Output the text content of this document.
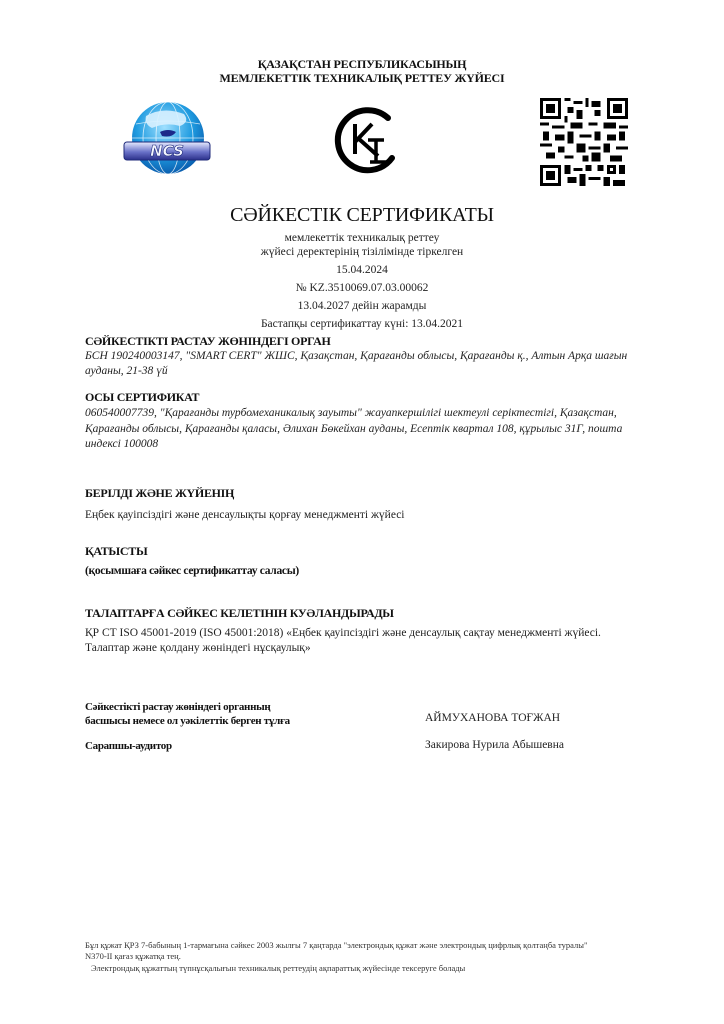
ҚАЗАҚСТАН РЕСПУБЛИКАСЫНЫҢ
МЕМЛЕКЕТТІК ТЕХНИКАЛЫҚ РЕТТЕУ ЖҮЙЕСІ
NCS
СӘЙКЕСТІК СЕРТИФИКАТЫ
мемлекеттік техникалық реттеу
жүйесі деректерінің тізілімінде тіркелген
15.04.2024
№ KZ.3510069.07.03.00062
13.04.2027 дейін жарамды
Бастапқы сертификаттау күні: 13.04.2021
СӘЙКЕСТІКТІ РАСТАУ ЖӨНІНДЕГІ ОРГАН
БСН 190240003147, "SMART CERT" ЖШС, Қазақстан, Қарағанды облысы, Қарағанды қ., Алтын Арқа шағын
ауданы, 21-38 үй
ОСЫ СЕРТИФИКАТ
060540007739, "Қарағанды турбомеханикалық зауыты" жауапкершілігі шектеулі серіктестігі, Қазақстан,
Қарағанды облысы, Қарағанды қаласы, Әлихан Бөкейхан ауданы, Есептік квартал 108, құрылыс 31Г, пошта
индексі 100008
БЕРІЛДІ ЖӘНЕ ЖҮЙЕНІҢ
Еңбек қауіпсіздігі және денсаулықты қорғау менеджменті жүйесі
ҚАТЫСТЫ
(қосымшаға сәйкес сертификаттау саласы)
ТАЛАПТАРҒА СӘЙКЕС КЕЛЕТІНІН КУӘЛАНДЫРАДЫ
ҚР СТ ISO 45001-2019 (ISO 45001:2018) «Еңбек қауіпсіздігі және денсаулық сақтау менеджменті жүйесі.
Талаптар және қолдану жөніндегі нұсқаулық»
Сәйкестікті растау жөніндегі органның
басшысы немесе ол уәкілеттік берген тұлға	АЙМУХАНОВА ТОҒЖАН
Сарапшы-аудитор	Закирова Нурила Абышевна
Бұл құжат ҚРЗ 7-бабының 1-тармағына сәйкес 2003 жылғы 7 қаңтарда "электрондық құжат және электрондық цифрлық қолтаңба туралы"
N370-II қағаз құжатқа тең.
Электрондық құжаттың түпнұсқалығын техникалық реттеудің ақпараттық жүйесінде тексеруге болады
